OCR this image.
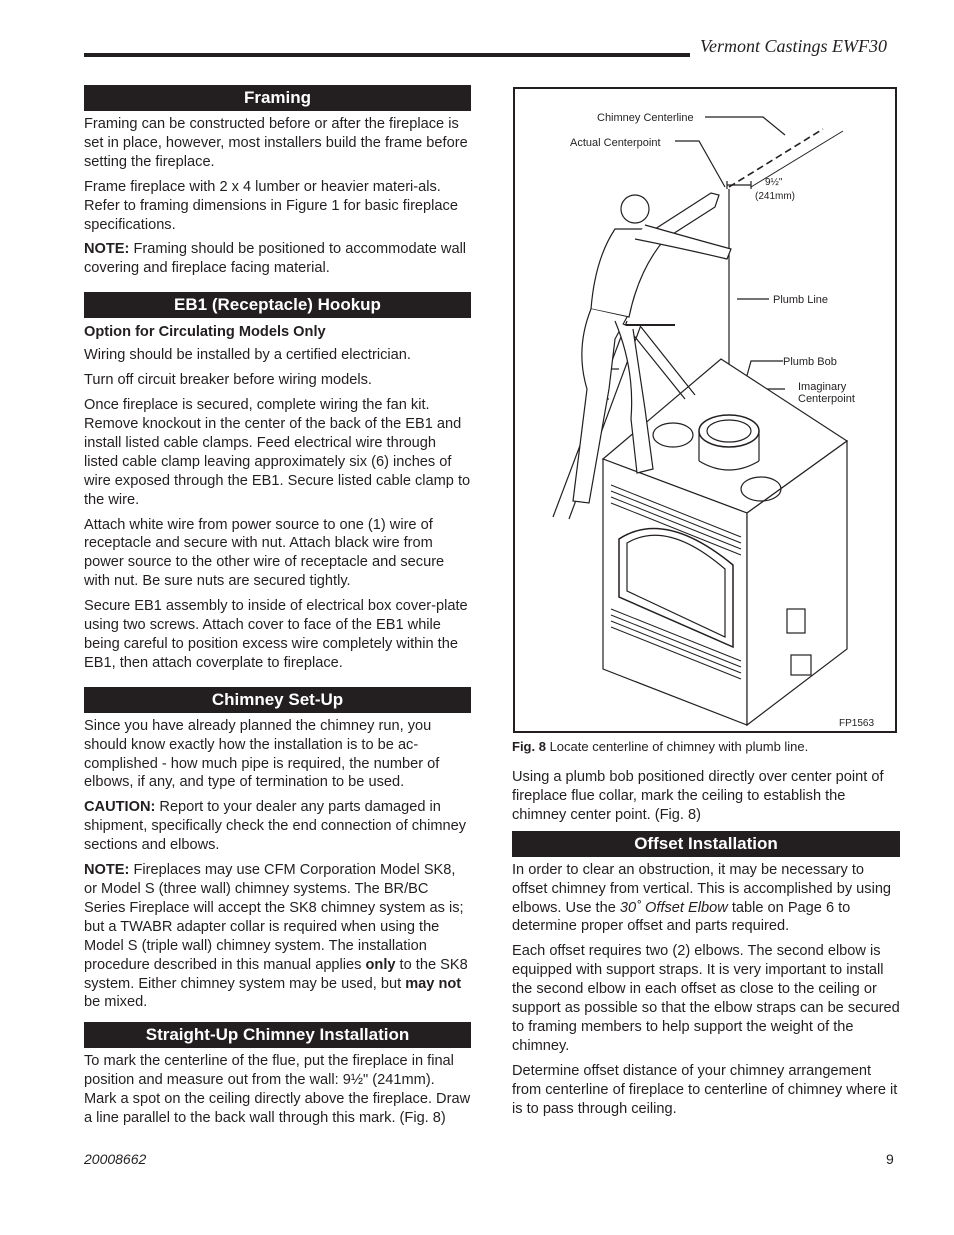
Vermont Castings EWF30
Framing

Framing can be constructed before or after the fireplace is set in place, however, most installers build the frame before setting the fireplace.

Frame fireplace with 2 x 4 lumber or heavier materi-als. Refer to framing dimensions in Figure 1 for basic fireplace specifications.

NOTE: Framing should be positioned to accommodate wall covering and fireplace facing material.

EB1 (Receptacle) Hookup
Option for Circulating Models Only

Wiring should be installed by a certified electrician.

Turn off circuit breaker before wiring models.

Once fireplace is secured, complete wiring the fan kit. Remove knockout in the center of the back of the EB1 and install listed cable clamps. Feed electrical wire through listed cable clamp leaving approximately six (6) inches of wire exposed through the EB1. Secure listed cable clamp to the wire.

Attach white wire from power source to one (1) wire of receptacle and secure with nut. Attach black wire from power source to the other wire of receptacle and secure with nut. Be sure nuts are secured tightly.

Secure EB1 assembly to inside of electrical box cover-plate using two screws. Attach cover to face of the EB1 while being careful to position excess wire completely within the EB1, then attach coverplate to fireplace.

Chimney Set-Up

Since you have already planned the chimney run, you should know exactly how the installation is to be ac-complished - how much pipe is required, the number of elbows, if any, and type of termination to be used.

CAUTION: Report to your dealer any parts damaged in shipment, specifically check the end connection of chimney sections and elbows.

NOTE: Fireplaces may use CFM Corporation Model SK8, or Model S (three wall) chimney systems. The BR/BC Series Fireplace will accept the SK8 chimney system as is; but a TWABR adapter collar is required when using the Model S (triple wall) chimney system. The installation procedure described in this manual applies only to the SK8 system. Either chimney system may be used, but may not be mixed.

Straight-Up Chimney Installation

To mark the centerline of the flue, put the fireplace in final position and measure out from the wall: 9½" (241mm). Mark a spot on the ceiling directly above the fireplace. Draw a line parallel to the back wall through this mark. (Fig. 8)

Chimney Centerline
Actual Centerpoint
9½"
(241mm)
Plumb Line
Plumb Bob
Imaginary
Centerpoint
FP1563
Fig. 8 Locate centerline of chimney with plumb line.

Using a plumb bob positioned directly over center point of fireplace flue collar, mark the ceiling to establish the chimney center point. (Fig. 8)

Offset Installation

In order to clear an obstruction, it may be necessary to offset chimney from vertical. This is accomplished by using elbows. Use the 30˚ Offset Elbow table on Page 6 to determine proper offset and parts required.

Each offset requires two (2) elbows. The second elbow is equipped with support straps. It is very important to install the second elbow in each offset as close to the ceiling or support as possible so that the elbow straps can be secured to framing members to help support the weight of the chimney.

Determine offset distance of your chimney arrangement from centerline of fireplace to centerline of chimney where it is to pass through ceiling.

20008662	9
